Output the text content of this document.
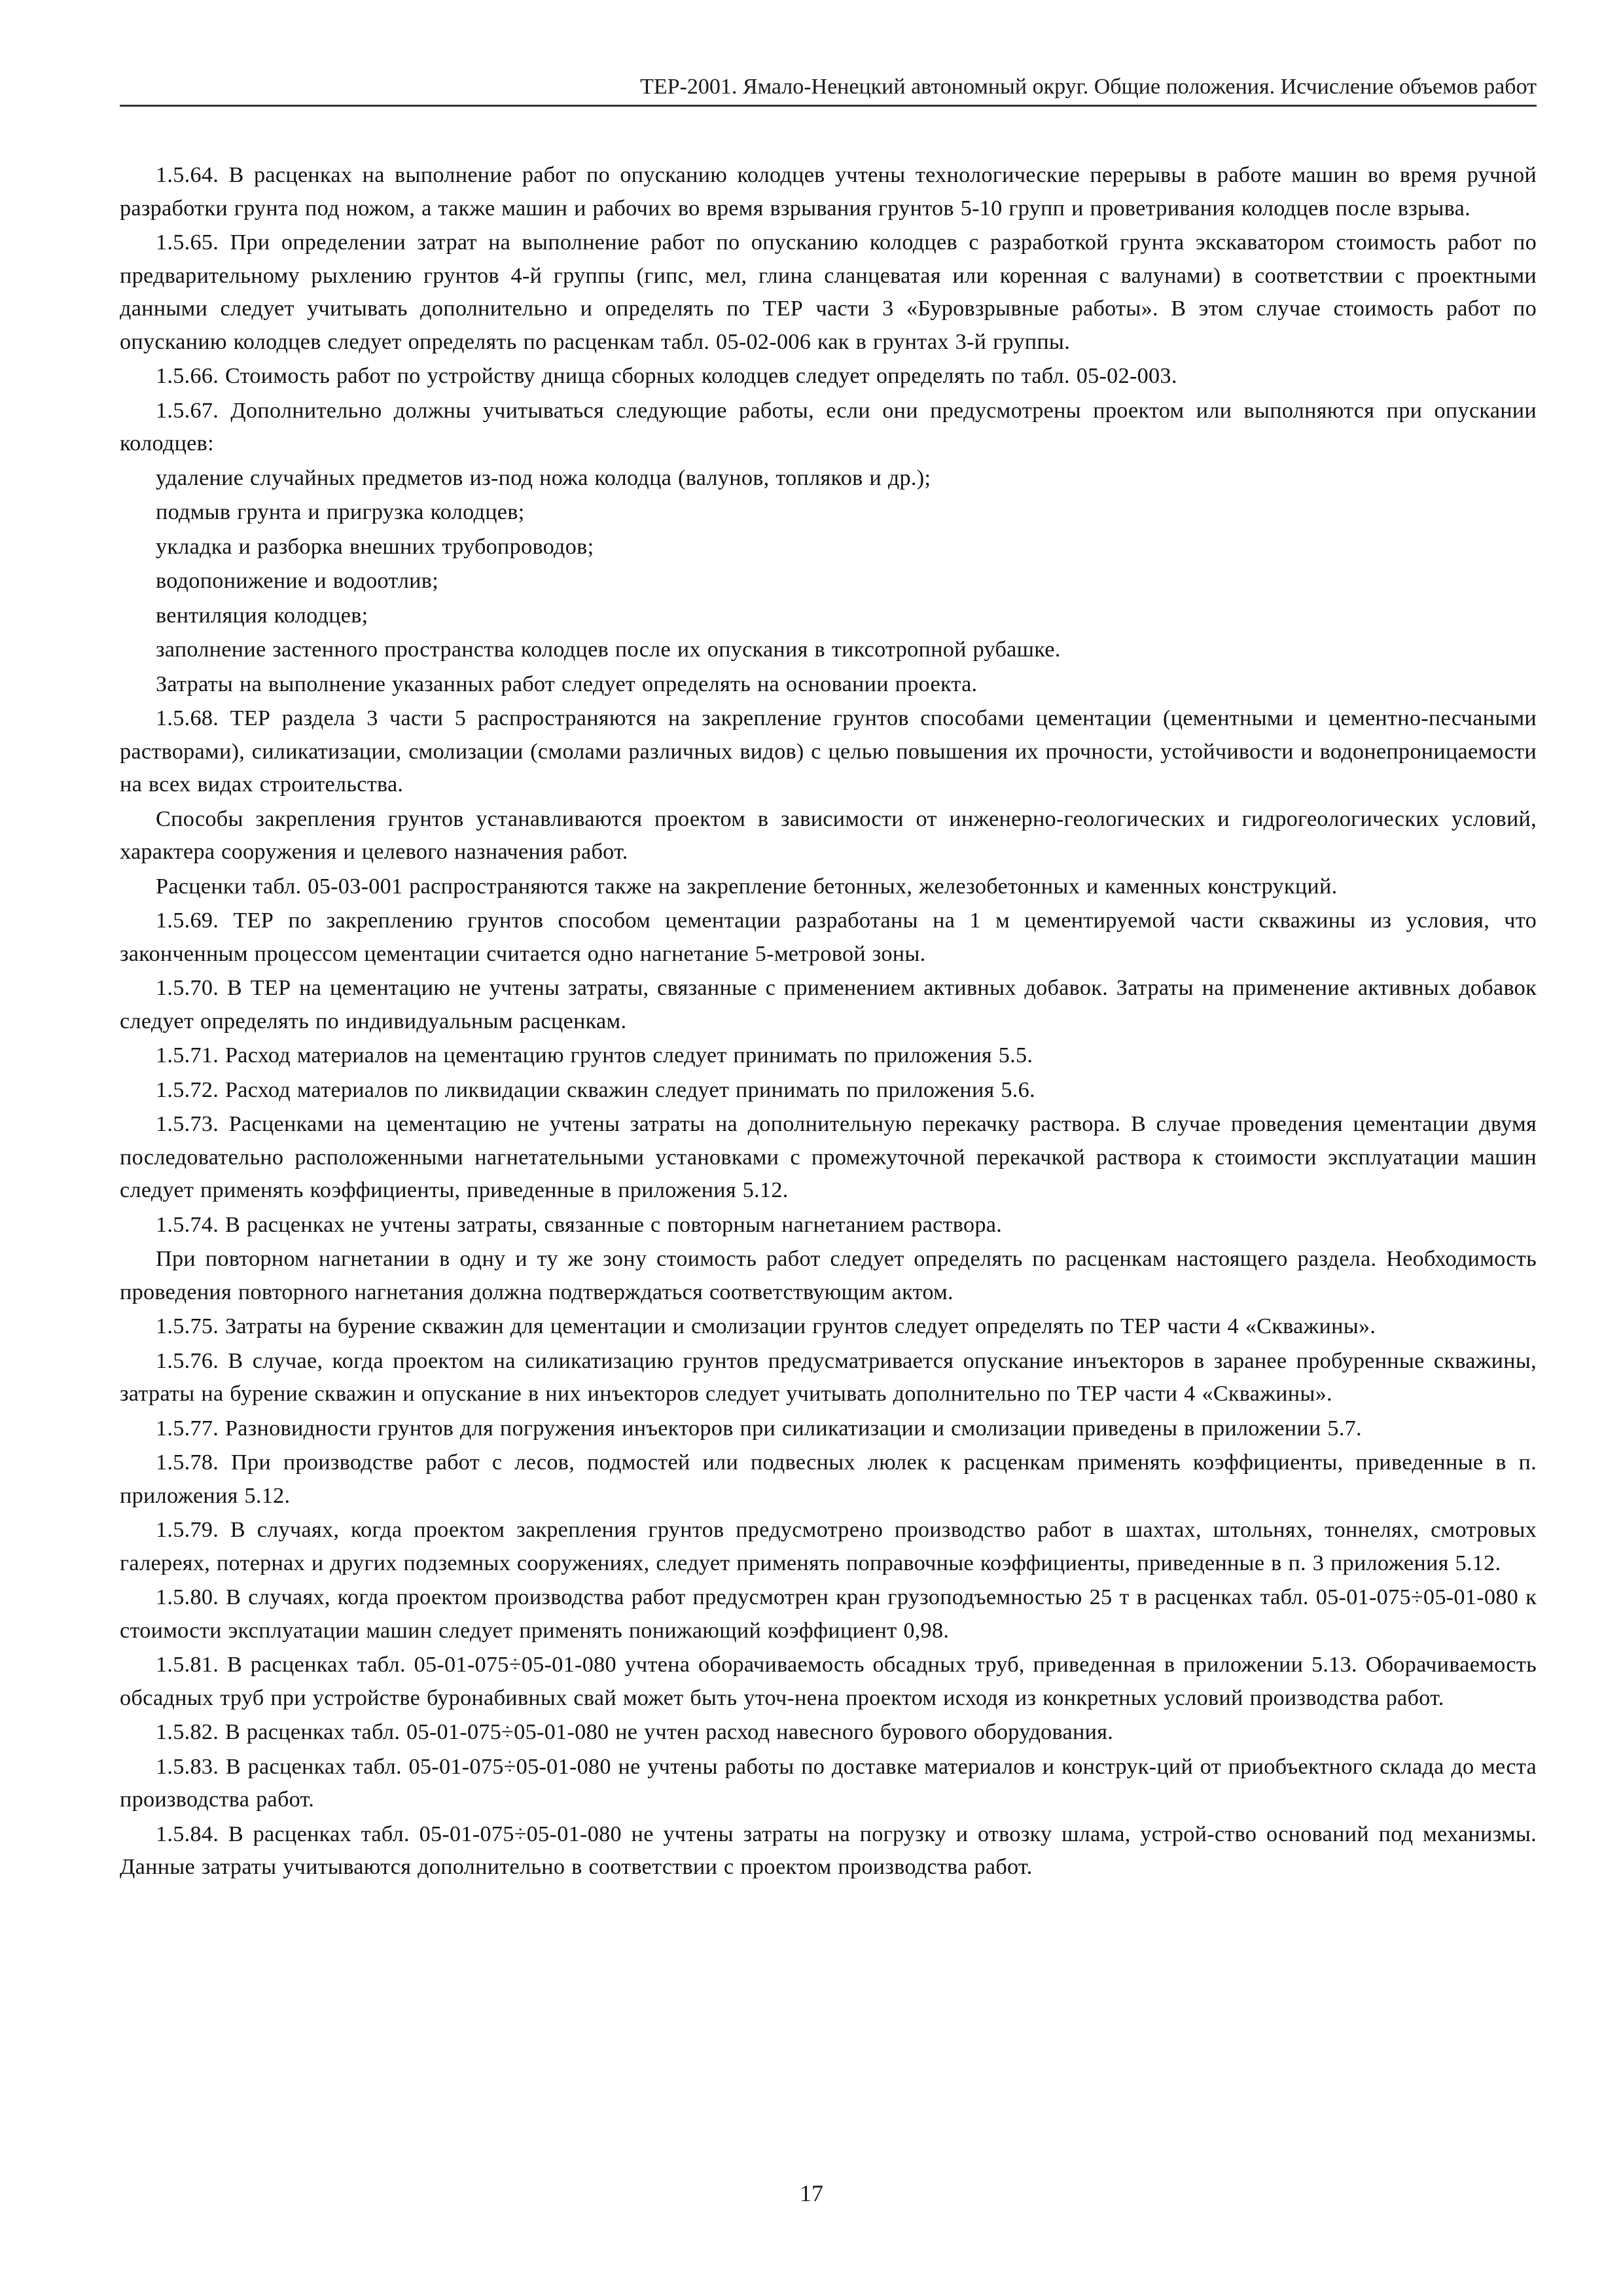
ТЕР-2001. Ямало-Ненецкий автономный округ. Общие положения. Исчисление объемов работ

1.5.64. В расценках на выполнение работ по опусканию колодцев учтены технологические перерывы в работе машин во время ручной разработки грунта под ножом, а также машин и рабочих во время взрывания грунтов 5-10 групп и проветривания колодцев после взрыва.

1.5.65. При определении затрат на выполнение работ по опусканию колодцев с разработкой грунта экскаватором стоимость работ по предварительному рыхлению грунтов 4-й группы (гипс, мел, глина сланцеватая или коренная с валунами) в соответствии с проектными данными следует учитывать дополнительно и определять по ТЕР части 3 «Буровзрывные работы». В этом случае стоимость работ по опусканию колодцев следует определять по расценкам табл. 05-02-006 как в грунтах 3-й группы.

1.5.66. Стоимость работ по устройству днища сборных колодцев следует определять по табл. 05-02-003.

1.5.67. Дополнительно должны учитываться следующие работы, если они предусмотрены проектом или выполняются при опускании колодцев:

удаление случайных предметов из-под ножа колодца (валунов, топляков и др.);

подмыв грунта и пригрузка колодцев;

укладка и разборка внешних трубопроводов;

водопонижение и водоотлив;

вентиляция колодцев;

заполнение застенного пространства колодцев после их опускания в тиксотропной рубашке.

Затраты на выполнение указанных работ следует определять на основании проекта.

1.5.68. ТЕР раздела 3 части 5 распространяются на закрепление грунтов способами цементации (цементными и цементно-песчаными растворами), силикатизации, смолизации (смолами различных видов) с целью повышения их прочности, устойчивости и водонепроницаемости на всех видах строительства.

Способы закрепления грунтов устанавливаются проектом в зависимости от инженерно-геологических и гидрогеологических условий, характера сооружения и целевого назначения работ.

Расценки табл. 05-03-001 распространяются также на закрепление бетонных, железобетонных и каменных конструкций.

1.5.69. ТЕР по закреплению грунтов способом цементации разработаны на 1 м цементируемой части скважины из условия, что законченным процессом цементации считается одно нагнетание 5-метровой зоны.

1.5.70. В ТЕР на цементацию не учтены затраты, связанные с применением активных добавок. Затраты на применение активных добавок следует определять по индивидуальным расценкам.

1.5.71. Расход материалов на цементацию грунтов следует принимать по приложения 5.5.

1.5.72. Расход материалов по ликвидации скважин следует принимать по приложения 5.6.

1.5.73. Расценками на цементацию не учтены затраты на дополнительную перекачку раствора. В случае проведения цементации двумя последовательно расположенными нагнетательными установками с промежуточной перекачкой раствора к стоимости эксплуатации машин следует применять коэффициенты, приведенные в приложения 5.12.

1.5.74. В расценках не учтены затраты, связанные с повторным нагнетанием раствора.

При повторном нагнетании в одну и ту же зону стоимость работ следует определять по расценкам настоящего раздела. Необходимость проведения повторного нагнетания должна подтверждаться соответствующим актом.

1.5.75. Затраты на бурение скважин для цементации и смолизации грунтов следует определять по ТЕР части 4 «Скважины».

1.5.76. В случае, когда проектом на силикатизацию грунтов предусматривается опускание инъекторов в заранее пробуренные скважины, затраты на бурение скважин и опускание в них инъекторов следует учитывать дополнительно по ТЕР части 4 «Скважины».

1.5.77. Разновидности грунтов для погружения инъекторов при силикатизации и смолизации приведены в приложении 5.7.

1.5.78. При производстве работ с лесов, подмостей или подвесных люлек к расценкам применять коэффициенты, приведенные в п. приложения 5.12.

1.5.79. В случаях, когда проектом закрепления грунтов предусмотрено производство работ в шахтах, штольнях, тоннелях, смотровых галереях, потернах и других подземных сооружениях, следует применять поправочные коэффициенты, приведенные в п. 3 приложения 5.12.

1.5.80. В случаях, когда проектом производства работ предусмотрен кран грузоподъемностью 25 т в расценках табл. 05-01-075÷05-01-080 к стоимости эксплуатации машин следует применять понижающий коэффициент 0,98.

1.5.81. В расценках табл. 05-01-075÷05-01-080 учтена оборачиваемость обсадных труб, приведенная в приложении 5.13. Оборачиваемость обсадных труб при устройстве буронабивных свай может быть уточ-нена проектом исходя из конкретных условий производства работ.

1.5.82. В расценках табл. 05-01-075÷05-01-080 не учтен расход навесного бурового оборудования.

1.5.83. В расценках табл. 05-01-075÷05-01-080 не учтены работы по доставке материалов и конструк-ций от приобъектного склада до места производства работ.

1.5.84. В расценках табл. 05-01-075÷05-01-080 не учтены затраты на погрузку и отвозку шлама, устрой-ство оснований под механизмы. Данные затраты учитываются дополнительно в соответствии с проектом производства работ.

17
